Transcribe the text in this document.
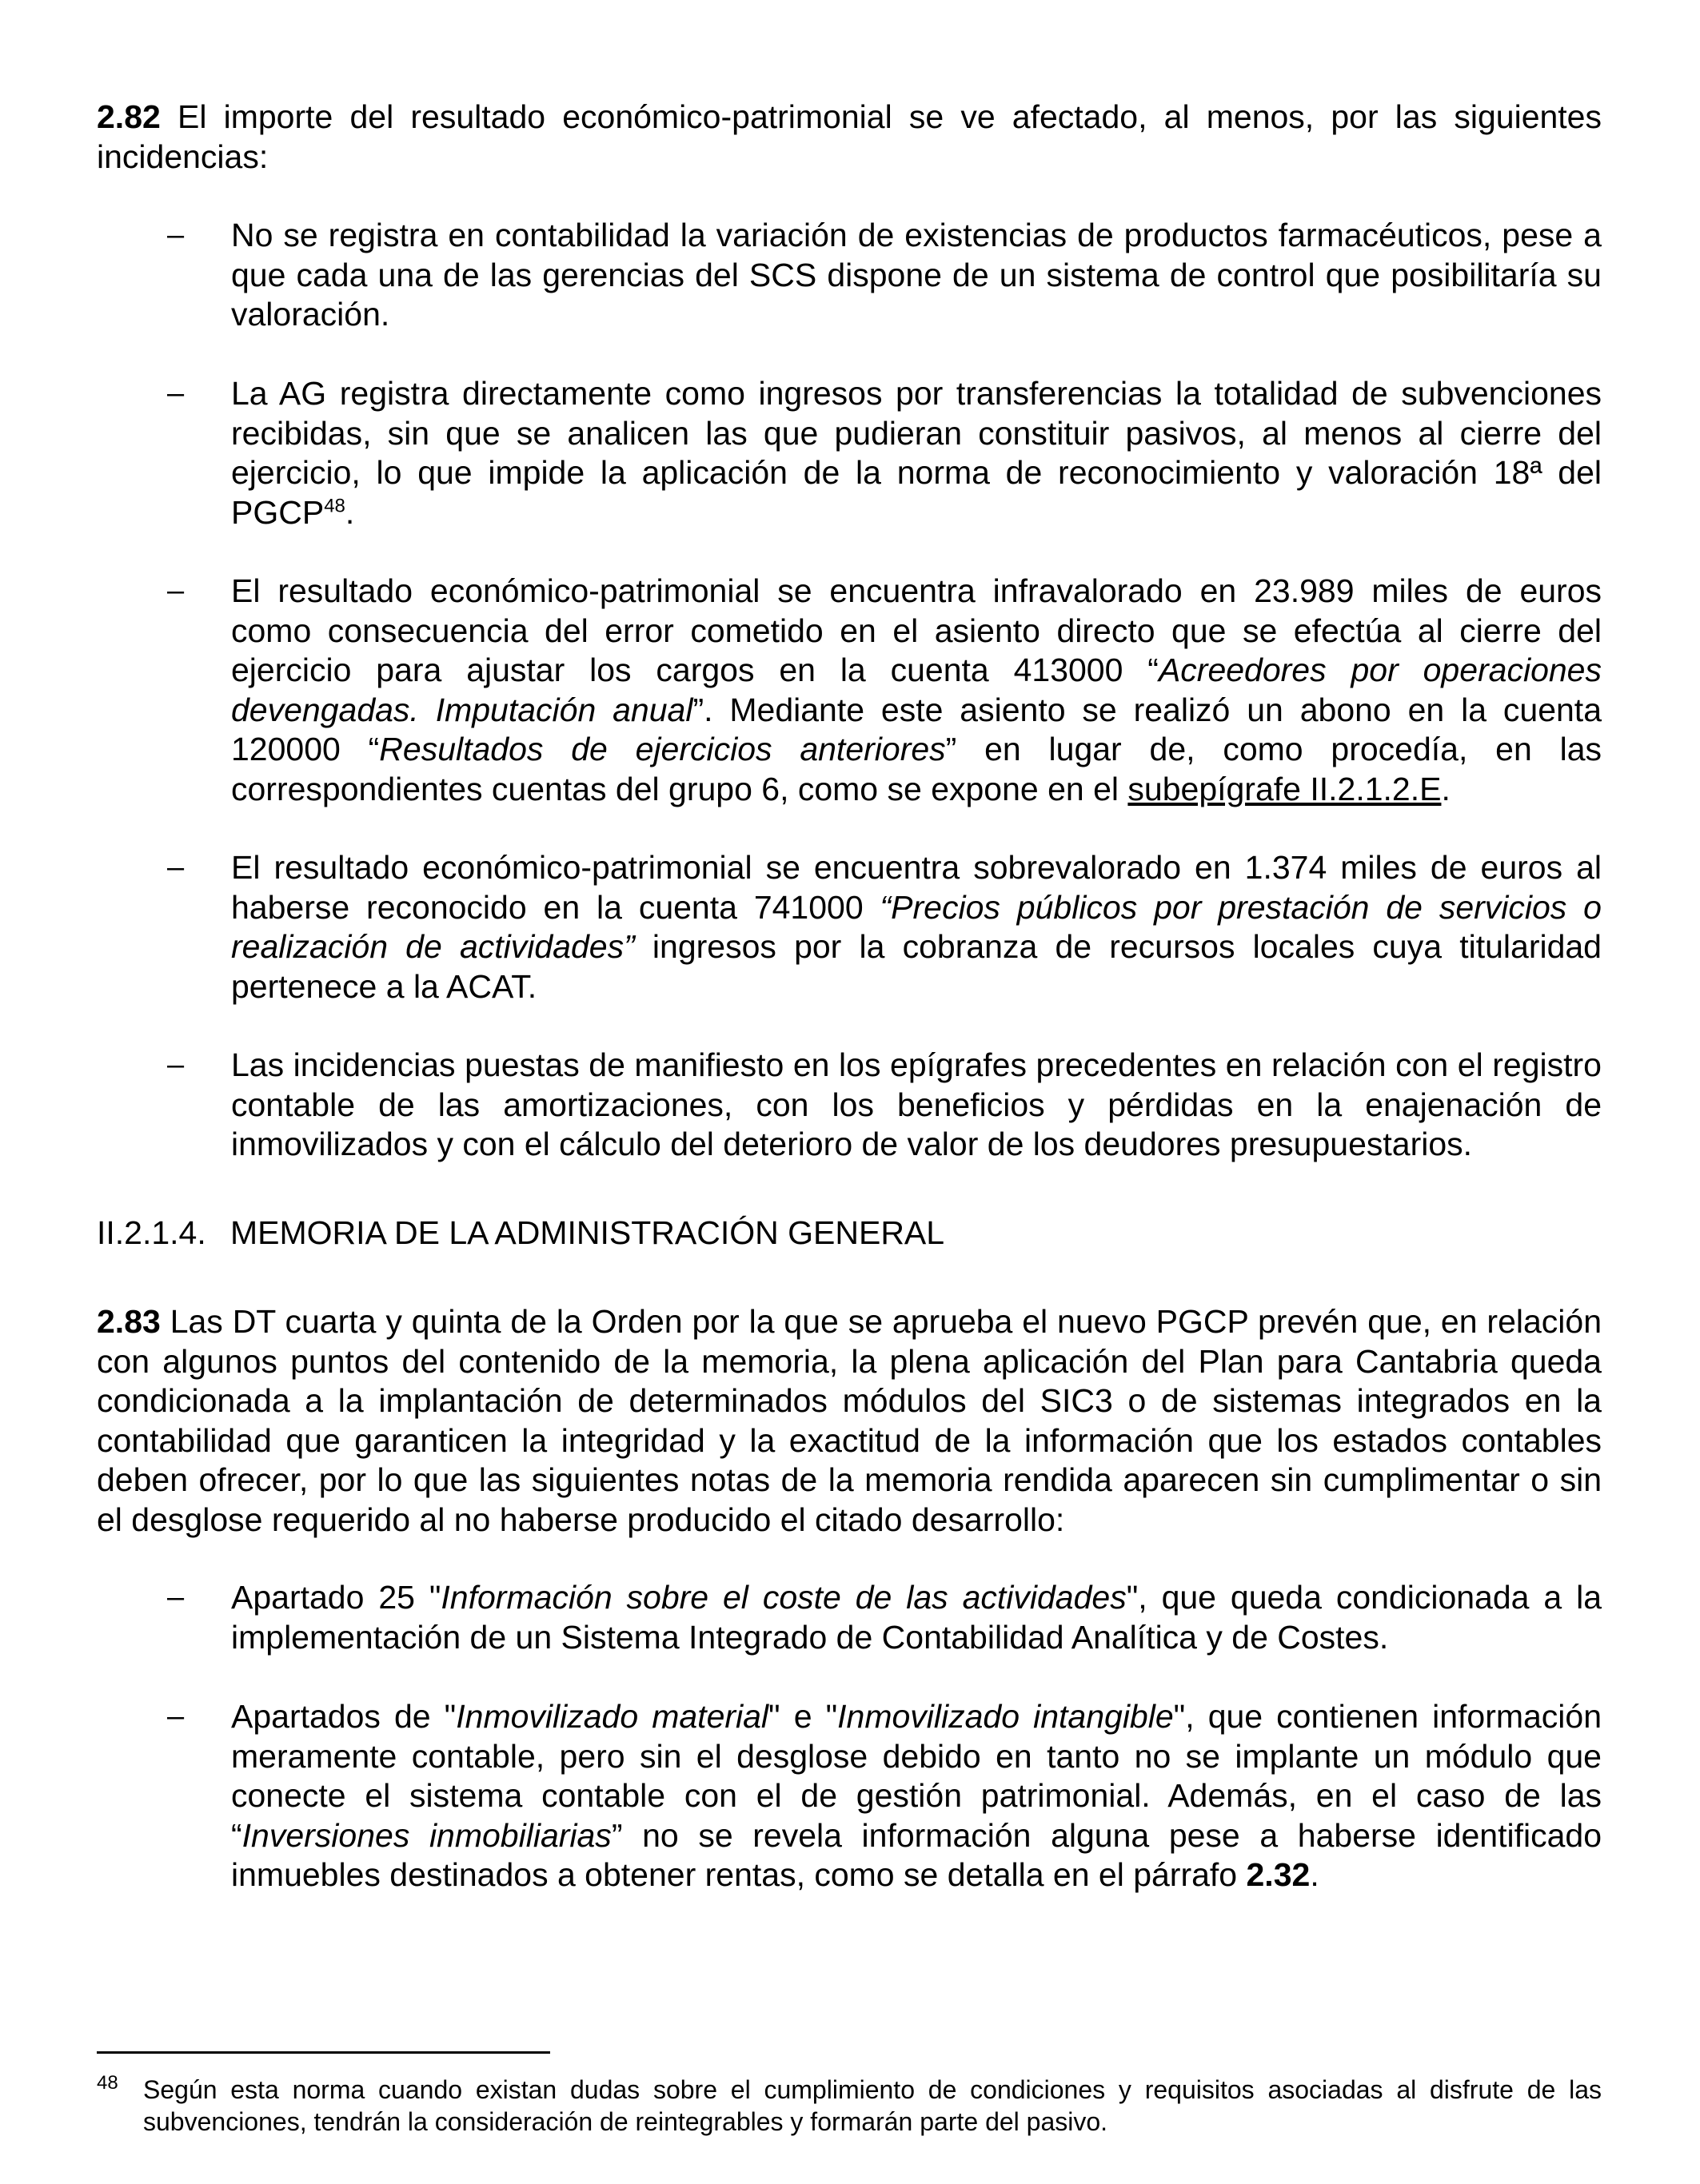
2.82 El importe del resultado económico-patrimonial se ve afectado, al menos, por las siguientes incidencias:

– No se registra en contabilidad la variación de existencias de productos farmacéuticos, pese a que cada una de las gerencias del SCS dispone de un sistema de control que posibilitaría su valoración.

– La AG registra directamente como ingresos por transferencias la totalidad de subvenciones recibidas, sin que se analicen las que pudieran constituir pasivos, al menos al cierre del ejercicio, lo que impide la aplicación de la norma de reconocimiento y valoración 18ª del PGCP$^{48}$.

– El resultado económico-patrimonial se encuentra infravalorado en 23.989 miles de euros como consecuencia del error cometido en el asiento directo que se efectúa al cierre del ejercicio para ajustar los cargos en la cuenta 413000 “Acreedores por operaciones devengadas. Imputación anual”. Mediante este asiento se realizó un abono en la cuenta 120000 “Resultados de ejercicios anteriores” en lugar de, como procedía, en las correspondientes cuentas del grupo 6, como se expone en el subepígrafe II.2.1.2.E.

– El resultado económico-patrimonial se encuentra sobrevalorado en 1.374 miles de euros al haberse reconocido en la cuenta 741000 “Precios públicos por prestación de servicios o realización de actividades” ingresos por la cobranza de recursos locales cuya titularidad pertenece a la ACAT.

– Las incidencias puestas de manifiesto en los epígrafes precedentes en relación con el registro contable de las amortizaciones, con los beneficios y pérdidas en la enajenación de inmovilizados y con el cálculo del deterioro de valor de los deudores presupuestarios.

II.2.1.4. MEMORIA DE LA ADMINISTRACIÓN GENERAL

2.83 Las DT cuarta y quinta de la Orden por la que se aprueba el nuevo PGCP prevén que, en relación con algunos puntos del contenido de la memoria, la plena aplicación del Plan para Cantabria queda condicionada a la implantación de determinados módulos del SIC3 o de sistemas integrados en la contabilidad que garanticen la integridad y la exactitud de la información que los estados contables deben ofrecer, por lo que las siguientes notas de la memoria rendida aparecen sin cumplimentar o sin el desglose requerido al no haberse producido el citado desarrollo:

– Apartado 25 "Información sobre el coste de las actividades", que queda condicionada a la implementación de un Sistema Integrado de Contabilidad Analítica y de Costes.

– Apartados de "Inmovilizado material" e "Inmovilizado intangible", que contienen información meramente contable, pero sin el desglose debido en tanto no se implante un módulo que conecte el sistema contable con el de gestión patrimonial. Además, en el caso de las “Inversiones inmobiliarias” no se revela información alguna pese a haberse identificado inmuebles destinados a obtener rentas, como se detalla en el párrafo 2.32.

48 Según esta norma cuando existan dudas sobre el cumplimiento de condiciones y requisitos asociadas al disfrute de las subvenciones, tendrán la consideración de reintegrables y formarán parte del pasivo.
